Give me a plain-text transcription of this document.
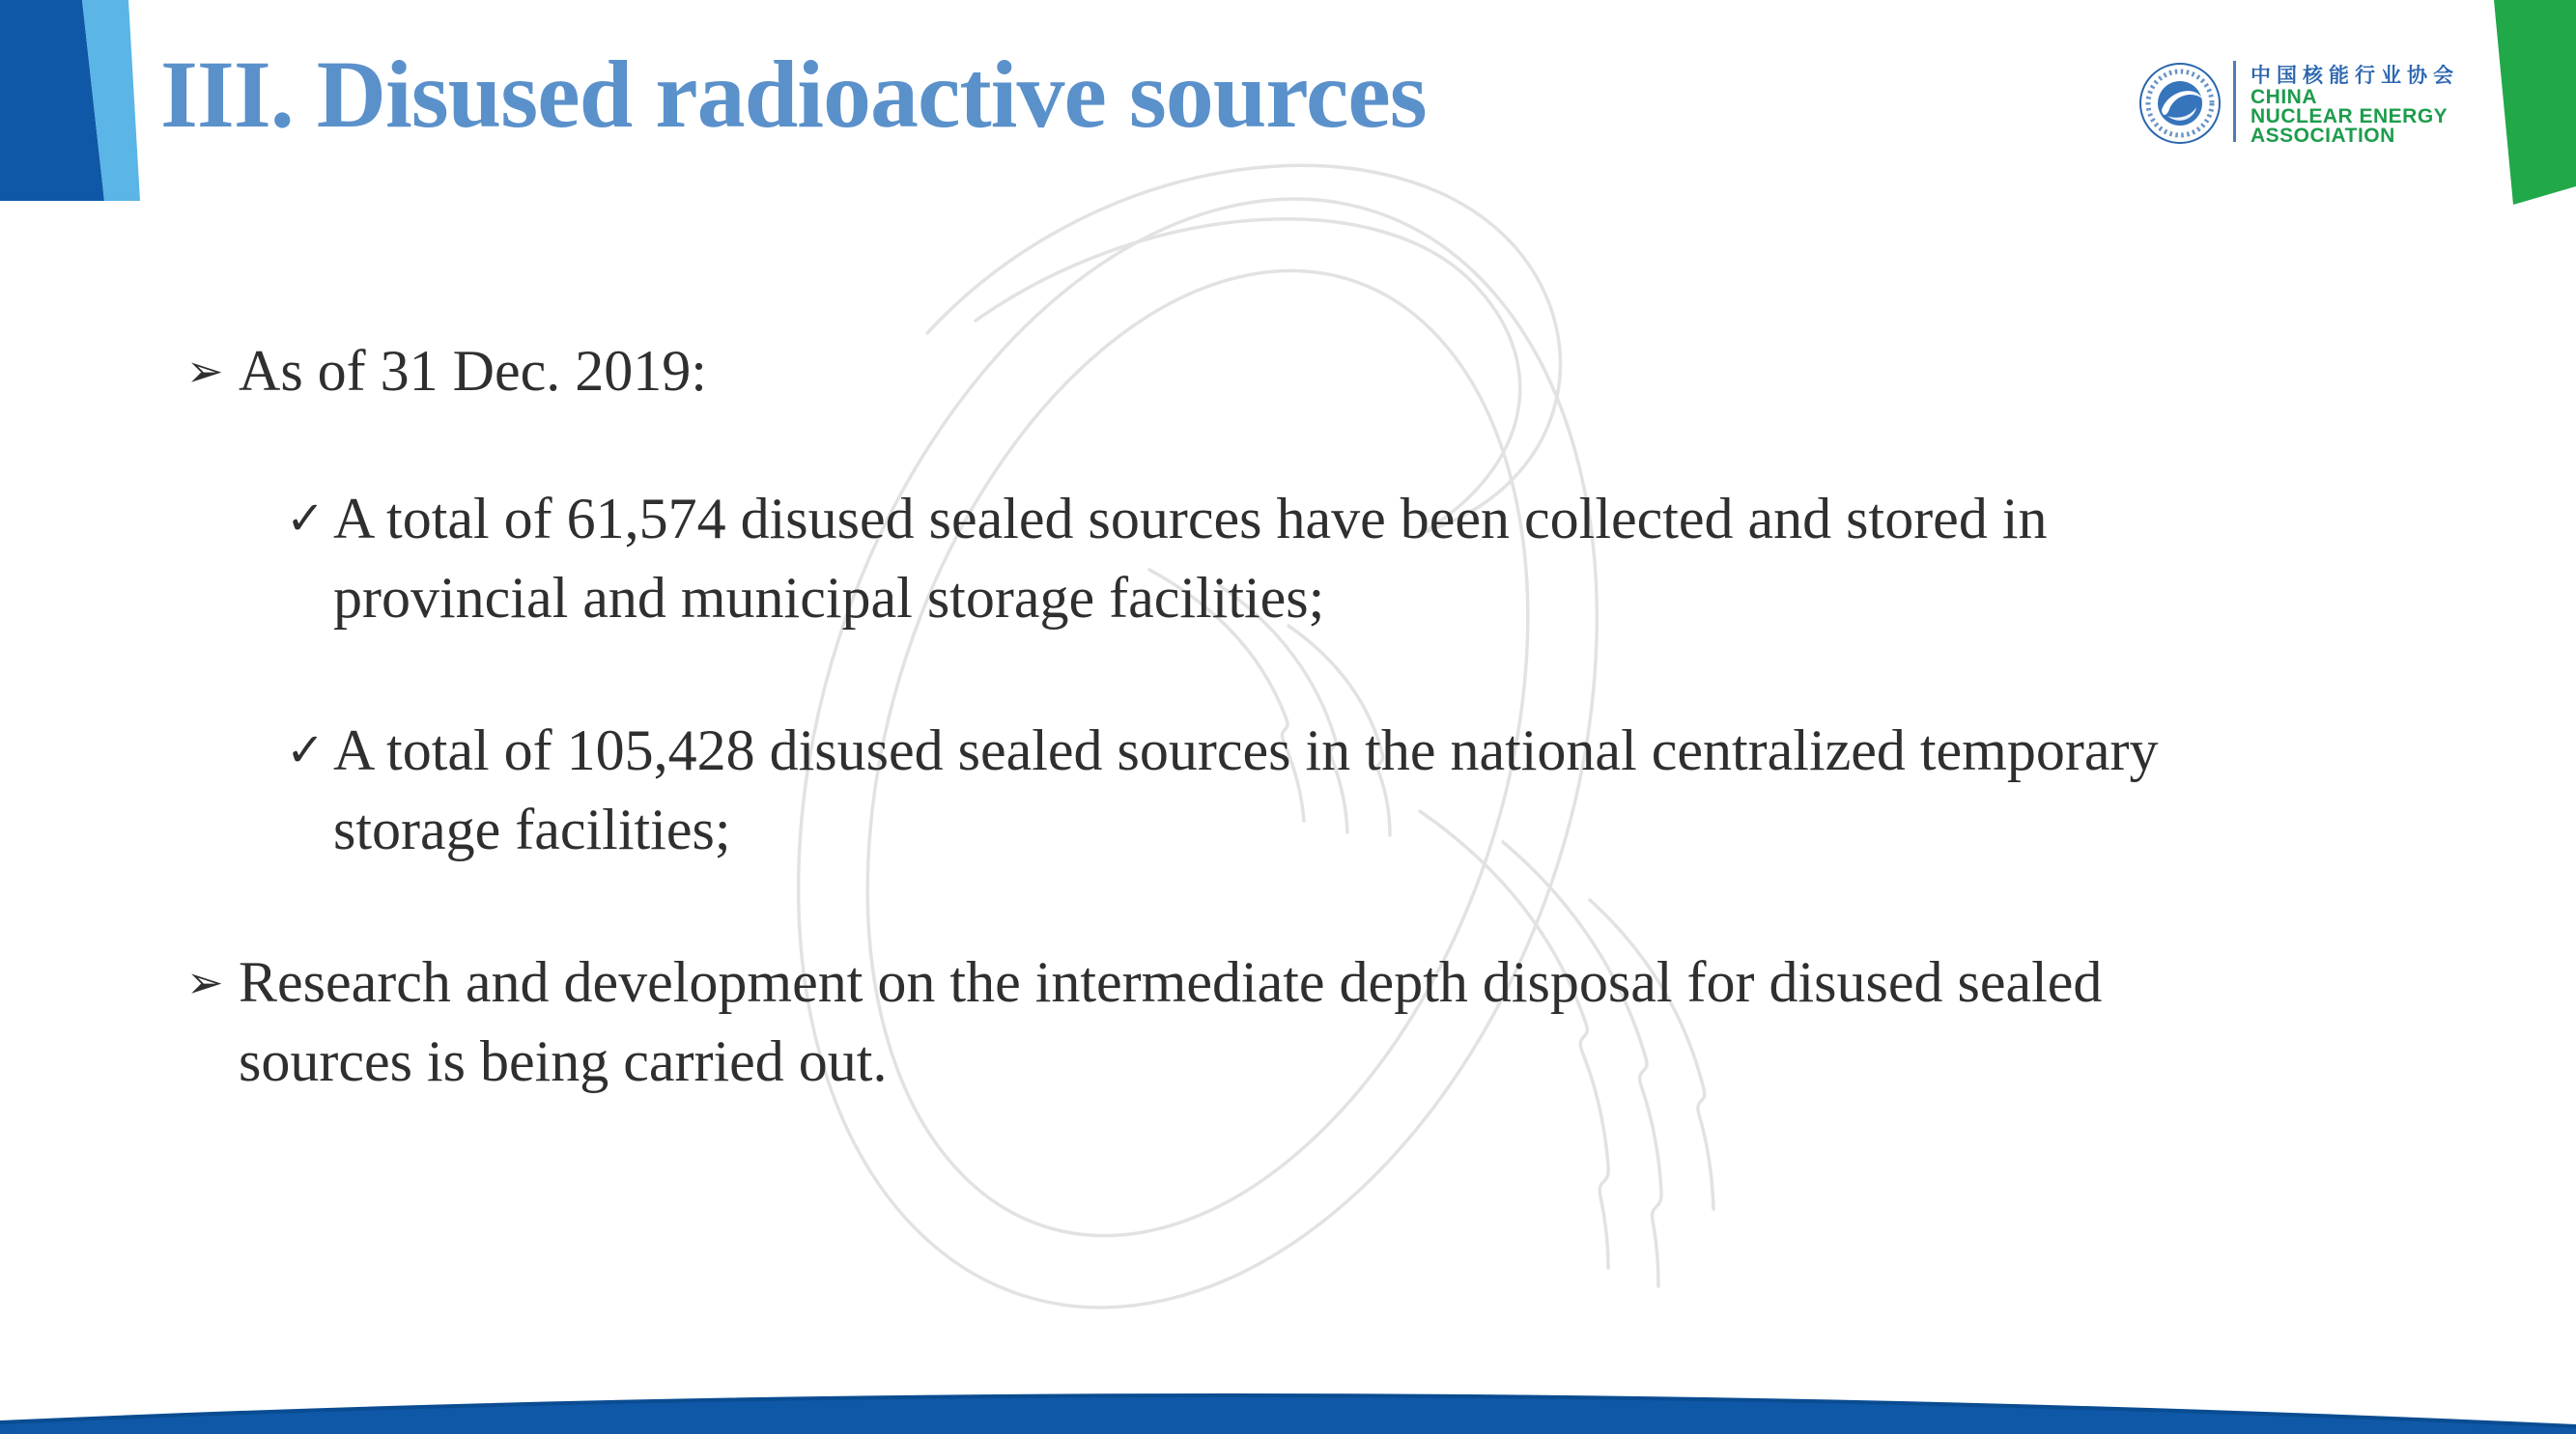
III. Disused radioactive sources	中国核能行业协会
CHINA
NUCLEAR ENERGY
ASSOCIATION
➢ As of 31 Dec. 2019:
✓ A total of 61,574 disused sealed sources have been collected and stored in provincial and municipal storage facilities;
✓ A total of 105,428 disused sealed sources in the national centralized temporary storage facilities;
➢ Research and development on the intermediate depth disposal for disused sealed sources is being carried out.
